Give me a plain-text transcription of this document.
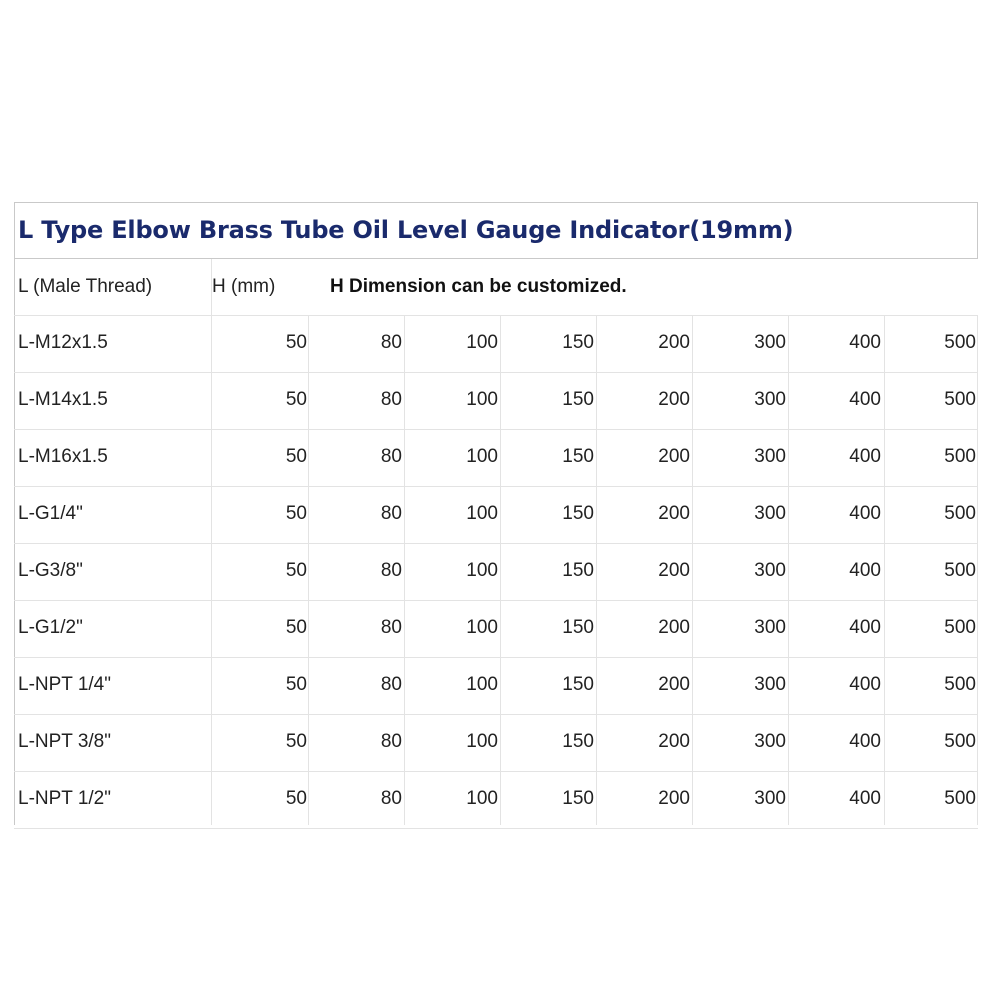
L Type Elbow Brass Tube Oil Level Gauge Indicator(19mm)
L (Male Thread)	H (mm)	H Dimension can be customized.
L-M12x1.5	50	80	100	150	200	300	400	500
L-M14x1.5	50	80	100	150	200	300	400	500
L-M16x1.5	50	80	100	150	200	300	400	500
L-G1/4"	50	80	100	150	200	300	400	500
L-G3/8"	50	80	100	150	200	300	400	500
L-G1/2"	50	80	100	150	200	300	400	500
L-NPT 1/4"	50	80	100	150	200	300	400	500
L-NPT 3/8"	50	80	100	150	200	300	400	500
L-NPT 1/2"	50	80	100	150	200	300	400	500
